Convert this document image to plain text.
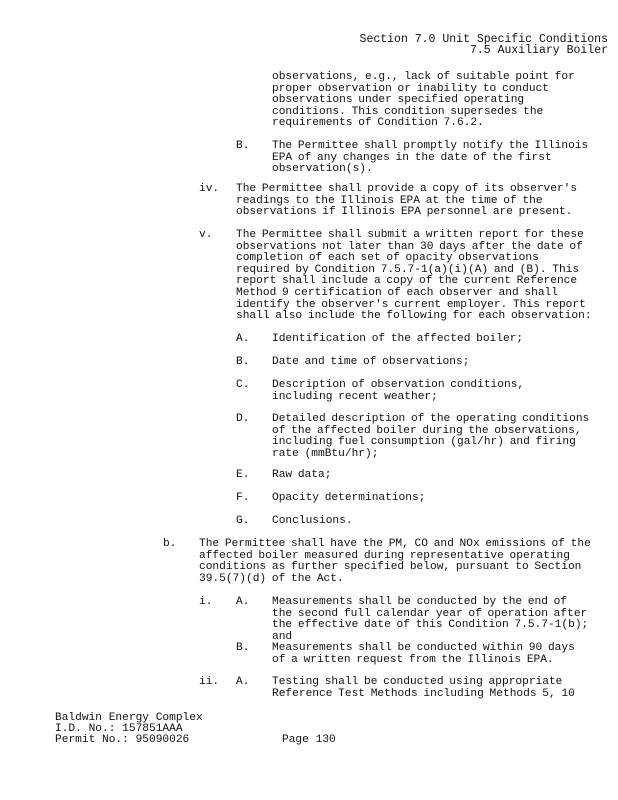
Section 7.0 Unit Specific Conditions
7.5 Auxiliary Boiler
observations, e.g., lack of suitable point for proper observation or inability to conduct observations under specified operating conditions. This condition supersedes the requirements of Condition 7.6.2.
B. The Permittee shall promptly notify the Illinois EPA of any changes in the date of the first observation(s).
iv. The Permittee shall provide a copy of its observer's readings to the Illinois EPA at the time of the observations if Illinois EPA personnel are present.
v. The Permittee shall submit a written report for these observations not later than 30 days after the date of completion of each set of opacity observations required by Condition 7.5.7-1(a)(i)(A) and (B). This report shall include a copy of the current Reference Method 9 certification of each observer and shall identify the observer's current employer. This report shall also include the following for each observation:
A. Identification of the affected boiler;
B. Date and time of observations;
C. Description of observation conditions, including recent weather;
D. Detailed description of the operating conditions of the affected boiler during the observations, including fuel consumption (gal/hr) and firing rate (mmBtu/hr);
E. Raw data;
F. Opacity determinations;
G. Conclusions.
b. The Permittee shall have the PM, CO and NOx emissions of the affected boiler measured during representative operating conditions as further specified below, pursuant to Section 39.5(7)(d) of the Act.
i. A. Measurements shall be conducted by the end of the second full calendar year of operation after the effective date of this Condition 7.5.7-1(b); and
B. Measurements shall be conducted within 90 days of a written request from the Illinois EPA.
ii. A. Testing shall be conducted using appropriate Reference Test Methods including Methods 5, 10
Baldwin Energy Complex
I.D. No.: 157851AAA
Permit No.: 95090026	Page 130
